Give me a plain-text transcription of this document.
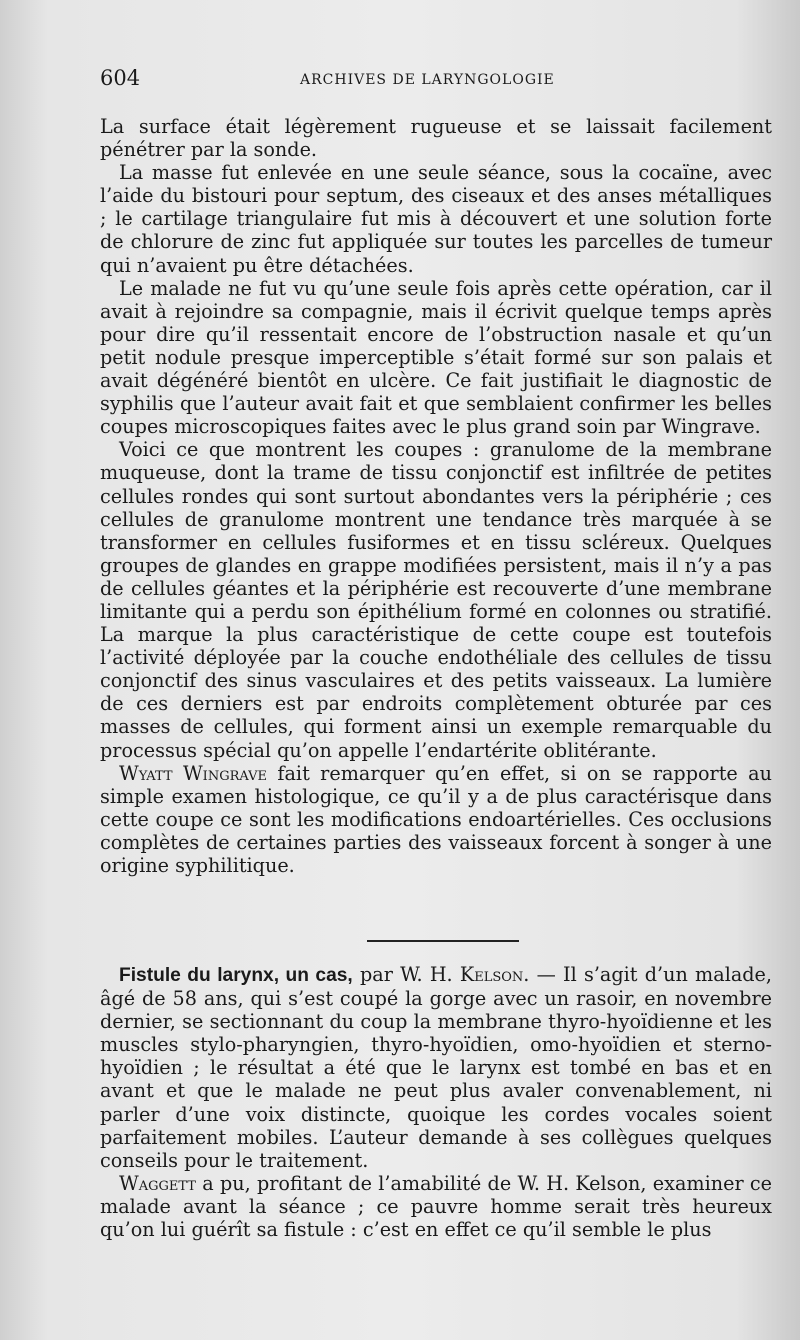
604	ARCHIVES DE LARYNGOLOGIE

La surface était légèrement rugueuse et se laissait facilement pénétrer par la sonde.

La masse fut enlevée en une seule séance, sous la cocaïne, avec l’aide du bistouri pour septum, des ciseaux et des anses métalliques ; le cartilage triangulaire fut mis à découvert et une solution forte de chlorure de zinc fut appliquée sur toutes les parcelles de tumeur qui n’avaient pu être détachées.

Le malade ne fut vu qu’une seule fois après cette opération, car il avait à rejoindre sa compagnie, mais il écrivit quelque temps après pour dire qu’il ressentait encore de l’obstruction nasale et qu’un petit nodule presque imperceptible s’était formé sur son palais et avait dégénéré bientôt en ulcère. Ce fait justifiait le diagnostic de syphilis que l’auteur avait fait et que semblaient confirmer les belles coupes microscopiques faites avec le plus grand soin par Wingrave.

Voici ce que montrent les coupes : granulome de la membrane muqueuse, dont la trame de tissu conjonctif est infiltrée de petites cellules rondes qui sont surtout abondantes vers la périphérie ; ces cellules de granulome montrent une tendance très marquée à se transformer en cellules fusiformes et en tissu scléreux. Quelques groupes de glandes en grappe modifiées persistent, mais il n’y a pas de cellules géantes et la périphérie est recouverte d’une membrane limitante qui a perdu son épithélium formé en colonnes ou stratifié. La marque la plus caractéristique de cette coupe est toutefois l’activité déployée par la couche endothéliale des cellules de tissu conjonctif des sinus vasculaires et des petits vaisseaux. La lumière de ces derniers est par endroits complètement obturée par ces masses de cellules, qui forment ainsi un exemple remarquable du processus spécial qu’on appelle l’endartérite oblitérante.

Wyatt Wingrave fait remarquer qu’en effet, si on se rapporte au simple examen histologique, ce qu’il y a de plus caractérisque dans cette coupe ce sont les modifications endoartérielles. Ces occlusions complètes de certaines parties des vaisseaux forcent à songer à une origine syphilitique.

Fistule du larynx, un cas, par W. H. Kelson. — Il s’agit d’un malade, âgé de 58 ans, qui s’est coupé la gorge avec un rasoir, en novembre dernier, se sectionnant du coup la membrane thyro-hyoïdienne et les muscles stylo-pharyngien, thyro-hyoïdien, omo-hyoïdien et sterno-hyoïdien ; le résultat a été que le larynx est tombé en bas et en avant et que le malade ne peut plus avaler convenablement, ni parler d’une voix distincte, quoique les cordes vocales soient parfaitement mobiles. L’auteur demande à ses collègues quelques conseils pour le traitement.

Waggett a pu, profitant de l’amabilité de W. H. Kelson, examiner ce malade avant la séance ; ce pauvre homme serait très heureux qu’on lui guérît sa fistule : c’est en effet ce qu’il semble le plus
